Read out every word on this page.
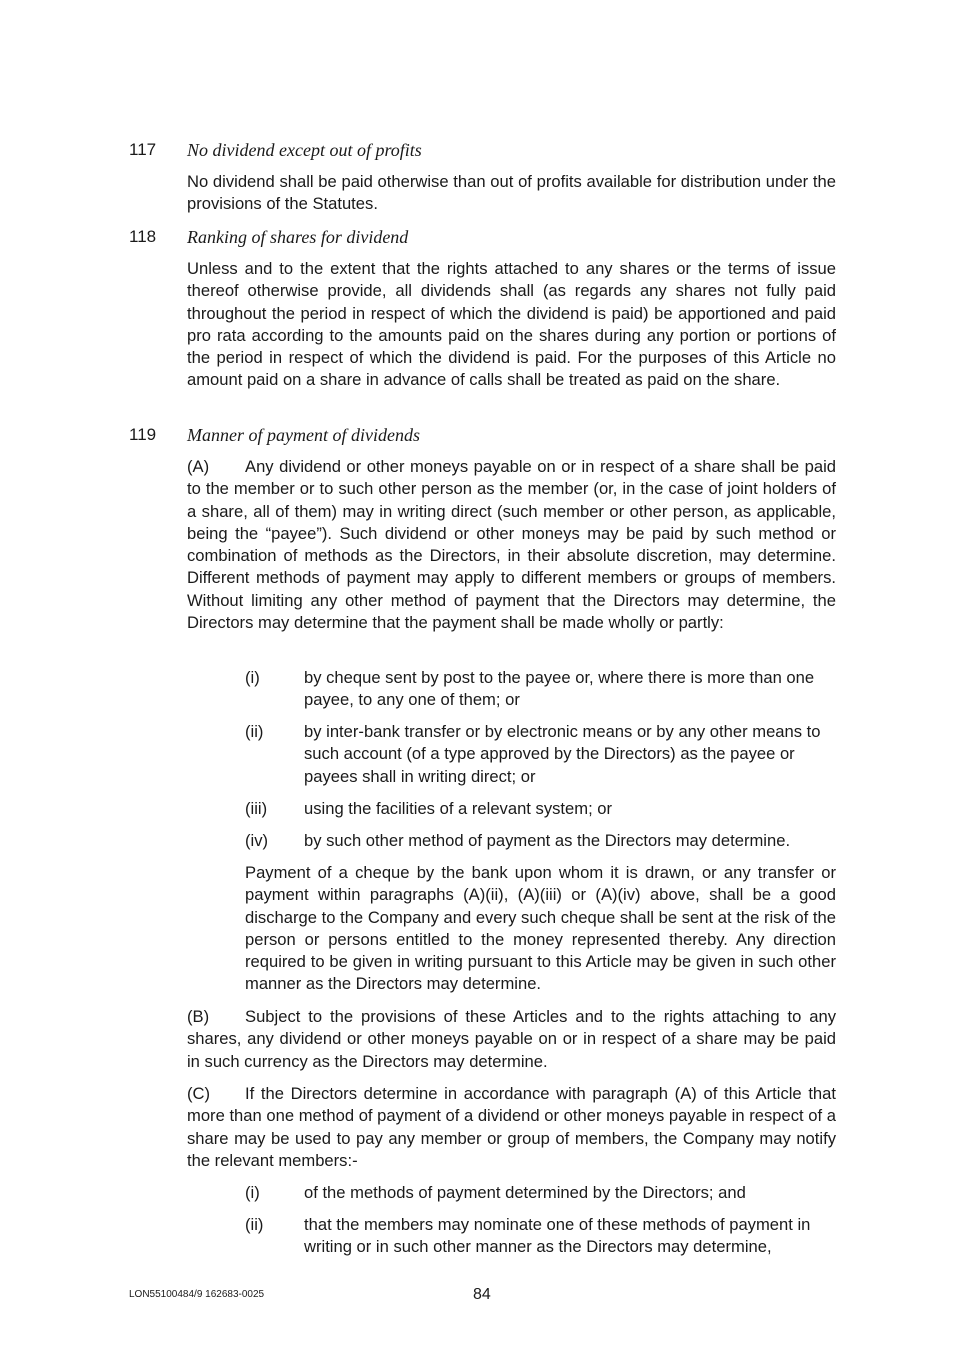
117 No dividend except out of profits

No dividend shall be paid otherwise than out of profits available for distribution under the provisions of the Statutes.

118 Ranking of shares for dividend

Unless and to the extent that the rights attached to any shares or the terms of issue thereof otherwise provide, all dividends shall (as regards any shares not fully paid throughout the period in respect of which the dividend is paid) be apportioned and paid pro rata according to the amounts paid on the shares during any portion or portions of the period in respect of which the dividend is paid. For the purposes of this Article no amount paid on a share in advance of calls shall be treated as paid on the share.

119 Manner of payment of dividends

(A) Any dividend or other moneys payable on or in respect of a share shall be paid to the member or to such other person as the member (or, in the case of joint holders of a share, all of them) may in writing direct (such member or other person, as applicable, being the “payee”). Such dividend or other moneys may be paid by such method or combination of methods as the Directors, in their absolute discretion, may determine. Different methods of payment may apply to different members or groups of members. Without limiting any other method of payment that the Directors may determine, the Directors may determine that the payment shall be made wholly or partly:

(i)	by cheque sent by post to the payee or, where there is more than one payee, to any one of them; or
(ii) by inter-bank transfer or by electronic means or by any other means to such account (of a type approved by the Directors) as the payee or payees shall in writing direct; or
(iii) using the facilities of a relevant system; or
(iv) by such other method of payment as the Directors may determine.

Payment of a cheque by the bank upon whom it is drawn, or any transfer or payment within paragraphs (A)(ii), (A)(iii) or (A)(iv) above, shall be a good discharge to the Company and every such cheque shall be sent at the risk of the person or persons entitled to the money represented thereby. Any direction required to be given in writing pursuant to this Article may be given in such other manner as the Directors may determine.

(B) Subject to the provisions of these Articles and to the rights attaching to any shares, any dividend or other moneys payable on or in respect of a share may be paid in such currency as the Directors may determine.

(C) If the Directors determine in accordance with paragraph (A) of this Article that more than one method of payment of a dividend or other moneys payable in respect of a share may be used to pay any member or group of members, the Company may notify the relevant members:-

(i)	of the methods of payment determined by the Directors; and
(ii) that the members may nominate one of these methods of payment in writing or in such other manner as the Directors may determine,
LON55100484/9 162683-0025	84
